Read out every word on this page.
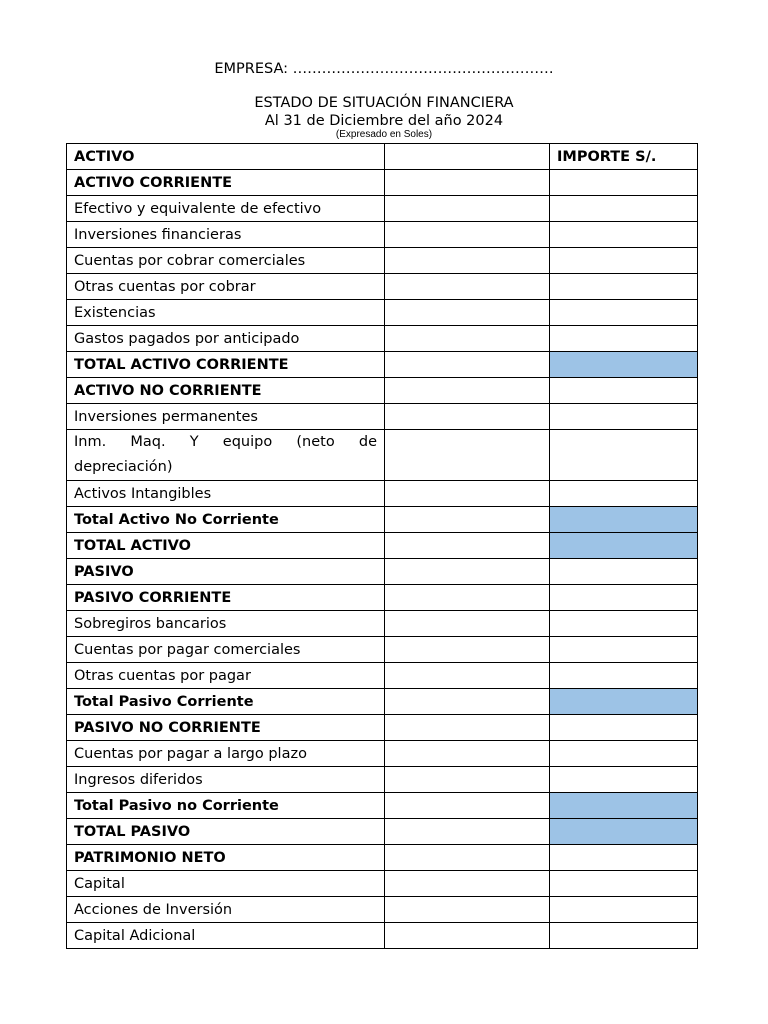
EMPRESA: ………………………………………………
ESTADO DE SITUACIÓN FINANCIERA
Al 31 de Diciembre del año 2024
(Expresado en Soles)
ACTIVO		IMPORTE S/.
ACTIVO CORRIENTE		
Efectivo y equivalente de efectivo		
Inversiones financieras		
Cuentas por cobrar comerciales		
Otras cuentas por cobrar		
Existencias		
Gastos pagados por anticipado		
TOTAL ACTIVO CORRIENTE		
ACTIVO NO CORRIENTE		
Inversiones permanentes		
Inm. Maq. Y equipo (neto de depreciación)		
Activos Intangibles		
Total Activo No Corriente		
TOTAL ACTIVO		
PASIVO		
PASIVO CORRIENTE		
Sobregiros bancarios		
Cuentas por pagar comerciales		
Otras cuentas por pagar		
Total Pasivo Corriente		
PASIVO NO CORRIENTE		
Cuentas por pagar a largo plazo		
Ingresos diferidos		
Total Pasivo no Corriente		
TOTAL PASIVO		
PATRIMONIO NETO		
Capital		
Acciones de Inversión		
Capital Adicional		
